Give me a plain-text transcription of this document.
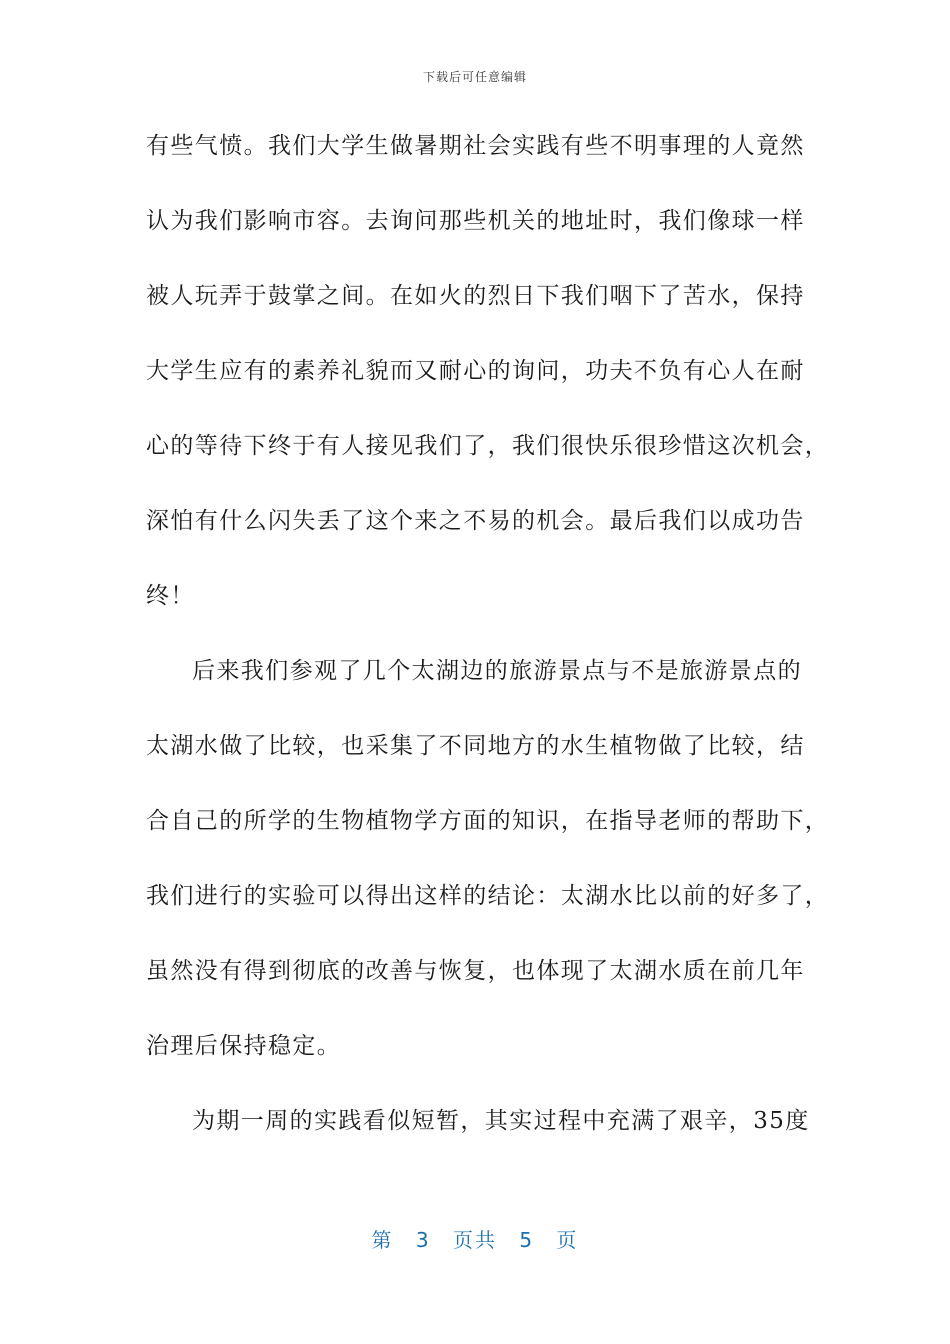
下载后可任意编辑
有些气愤。我们大学生做暑期社会实践有些不明事理的人竟然
认为我们影响市容。去询问那些机关的地址时，我们像球一样
被人玩弄于鼓掌之间。在如火的烈日下我们咽下了苦水，保持
大学生应有的素养礼貌而又耐心的询问，功夫不负有心人在耐
心的等待下终于有人接见我们了，我们很快乐很珍惜这次机会，
深怕有什么闪失丢了这个来之不易的机会。最后我们以成功告
终！
后来我们参观了几个太湖边的旅游景点与不是旅游景点的
太湖水做了比较，也采集了不同地方的水生植物做了比较，结
合自己的所学的生物植物学方面的知识，在指导老师的帮助下，
我们进行的实验可以得出这样的结论：太湖水比以前的好多了，
虽然没有得到彻底的改善与恢复，也体现了太湖水质在前几年
治理后保持稳定。
为期一周的实践看似短暂，其实过程中充满了艰辛，35度
第 3 页共 5 页
